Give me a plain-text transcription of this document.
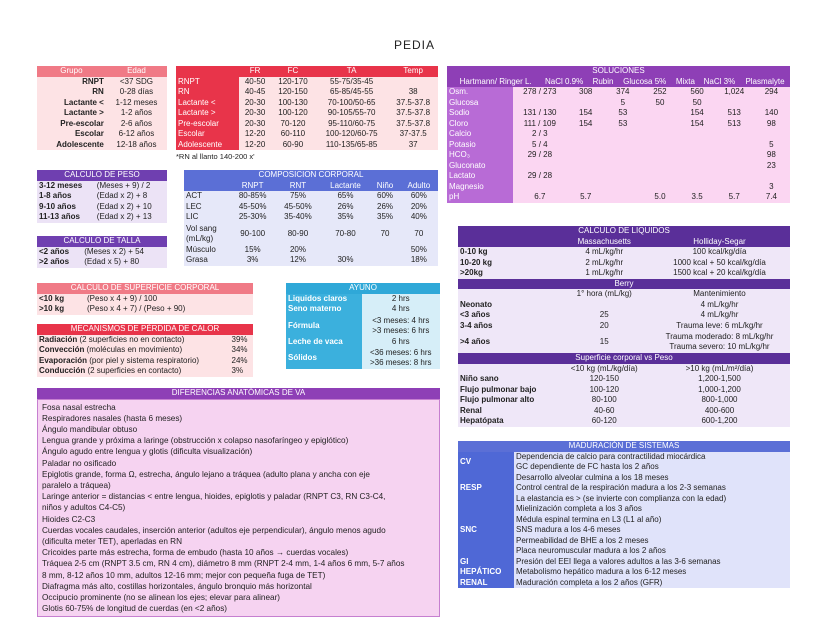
PEDIA
Grupo	Edad
RNPT	<37 SDG
RN	0-28 días
Lactante <	1-12 meses
Lactante >	1-2 años
Pre-escolar	2-6 años
Escolar	6-12 años
Adolescente	12-18 años
	FR	FC	TA	Temp
RNPT	40-50	120-170	55-75/35-45	
RN	40-45	120-150	65-85/45-55	38
Lactante <	20-30	100-130	70-100/50-65	37.5-37.8
Lactante >	20-30	100-120	90-105/55-70	37.5-37.8
Pre-escolar	20-30	70-120	95-110/60-75	37.5-37.8
Escolar	12-20	60-110	100-120/60-75	37-37.5
Adolescente	12-20	60-90	110-135/65-85	37
*RN al llanto 140-200 x'
SOLUCIONES
	Hartmann/ Ringer L.	NaCl 0.9%	Rubin	Glucosa 5%	Mixta	NaCl 3%	Plasmalyte
Osm.	278 / 273	308	374	252	560	1,024	294
Glucosa			5	50	50		
Sodio	131 / 130	154	53		154	513	140
Cloro	111 / 109	154	53		154	513	98
Calcio	2 / 3						
Potasio	5 / 4						5
HCO₃	29 / 28						98
Gluconato							23
Lactato	29 / 28						
Magnesio							3
pH	6.7	5.7		5.0	3.5	5.7	7.4
CALCULO DE PESO	
3-12 meses	(Meses + 9) / 2
1-8 años	(Edad x 2) + 8
9-10 años	(Edad x 2) + 10
11-13 años	(Edad x 2) + 13
CALCULO DE TALLA	
<2 años	(Meses x 2) + 54
>2 años	(Edad x 5) + 80
COMPOSICION CORPORAL					
	RNPT	RNT	Lactante	Niño	Adulto
ACT	80-85%	75%	65%	60%	60%
LEC	45-50%	45-50%	26%	26%	20%
LIC	25-30%	35-40%	35%	35%	40%
Vol sang (mL/kg)	90-100	80-90	70-80	70	70
Músculo	15%	20%			50%
Grasa	3%	12%	30%		18%
CALCULO DE SUPERFICIE CORPORAL	
<10 kg	(Peso x 4 + 9) / 100
>10 kg	(Peso x 4 + 7) / (Peso + 90)
MECANISMOS DE PÉRDIDA DE CALOR	
Radiación (2 superficies no en contacto)	39%
Convección (moléculas en movimiento)	34%
Evaporación (por piel y sistema respiratorio)	24%
Conducción (2 superficies en contacto)	3%
AYUNO	
Liquidos claros	2 hrs
Seno materno	4 hrs
Fórmula	<3 meses: 4 hrs
>3 meses: 6 hrs

Leche de vaca	6 hrs
Sólidos	<36 meses: 6 hrs
>36 meses: 8 hrs
DIFERENCIAS ANATÓMICAS DE VA
Fosa nasal estrecha
Respiradores nasales (hasta 6 meses)
Ángulo mandibular obtuso
Lengua grande y próxima a laringe (obstrucción x colapso nasofaríngeo y epiglótico)
Ángulo agudo entre lengua y glotis (dificulta visualización)
Paladar no osificado
Epiglotis grande, forma Ω, estrecha, ángulo lejano a tráquea (adulto plana y ancha con eje
paralelo a tráquea)
Laringe anterior = distancias < entre lengua, hioides, epiglotis y paladar (RNPT C3, RN C3-C4,
niños y adultos C4-C5)
Hioides C2-C3
Cuerdas vocales caudales, inserción anterior (adultos eje perpendicular), ángulo menos agudo
(dificulta meter TET), aperladas en RN
Cricoides parte más estrecha, forma de embudo (hasta 10 años → cuerdas vocales)
Tráquea 2-5 cm (RNPT 3.5 cm, RN 4 cm), diámetro 8 mm (RNPT 2-4 mm, 1-4 años 6 mm, 5-7 años
8 mm, 8-12 años 10 mm, adultos 12-16 mm; mejor con pequeña fuga de TET)
Diafragma más alto, costillas horizontales, ángulo bronquio más horizontal
Occipucio prominente (no se alinean los ejes; elevar para alinear)
Glotis 60-75% de longitud de cuerdas (en <2 años)
CALCULO DE LIQUIDOS		
	Massachusetts	Holliday-Segar
0-10 kg	4 mL/kg/hr	100 kcal/kg/día
10-20 kg	2 mL/kg/hr	1000 kcal + 50 kcal/kg/día
>20kg	1 mL/kg/hr	1500 kcal + 20 kcal/kg/día
Berry		
	1° hora (mL/kg)	Mantenimiento
Neonato		4 mL/kg/hr
<3 años	25	4 mL/kg/hr
3-4 años	20	Trauma leve: 6 mL/kg/hr
>4 años	15	Trauma moderado: 8 mL/kg/hr
Trauma severo: 10 mL/kg/hr

Superficie corporal vs Peso		
	<10 kg (mL/kg/día)	>10 kg (mL/m²/día)
Niño sano	120-150	1,200-1,500
Flujo pulmonar bajo	100-120	1,000-1,200
Flujo pulmonar alto	80-100	800-1,000
Renal	40-60	400-600
Hepatópata	60-120	600-1,200
MADURACIÓN DE SISTEMAS	
CV	Dependencia de calcio para contractilidad miocárdica
	GC dependiente de FC hasta los 2 años
RESP	Desarrollo alveolar culmina a los 18 meses
	Control central de la respiración madura a los 2-3 semanas
	La elastancia es > (se invierte con complianza con la edad)
SNC	Mielinización completa a los 3 años
	Médula espinal termina en L3 (L1 al año)
	SNS madura a los 4-6 meses
	Permeabilidad de BHE a los 2 meses
	Placa neuromuscular madura a los 2 años
GI	Presión del EEI llega a valores adultos a las 3-6 semanas
HEPÁTICO	Metabolismo hepático madura a los 6-12 meses
RENAL	Maduración completa a los 2 años (GFR)
